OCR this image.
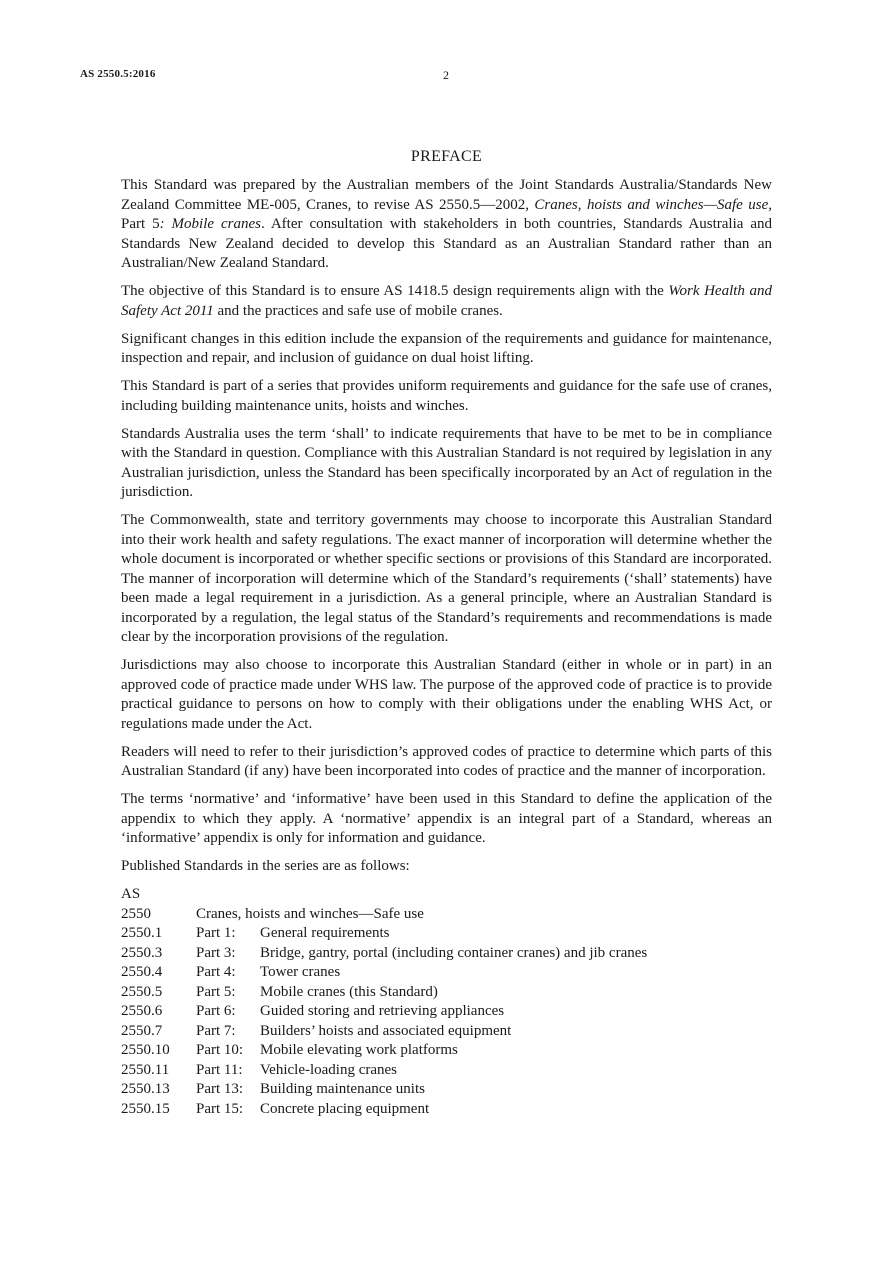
AS 2550.5:2016	2
PREFACE

This Standard was prepared by the Australian members of the Joint Standards Australia/Standards New Zealand Committee ME-005, Cranes, to revise AS 2550.5—2002, Cranes, hoists and winches—Safe use, Part 5: Mobile cranes. After consultation with stakeholders in both countries, Standards Australia and Standards New Zealand decided to develop this Standard as an Australian Standard rather than an Australian/New Zealand Standard.

The objective of this Standard is to ensure AS 1418.5 design requirements align with the Work Health and Safety Act 2011 and the practices and safe use of mobile cranes.

Significant changes in this edition include the expansion of the requirements and guidance for maintenance, inspection and repair, and inclusion of guidance on dual hoist lifting.

This Standard is part of a series that provides uniform requirements and guidance for the safe use of cranes, including building maintenance units, hoists and winches.

Standards Australia uses the term ‘shall’ to indicate requirements that have to be met to be in compliance with the Standard in question. Compliance with this Australian Standard is not required by legislation in any Australian jurisdiction, unless the Standard has been specifically incorporated by an Act of regulation in the jurisdiction.

The Commonwealth, state and territory governments may choose to incorporate this Australian Standard into their work health and safety regulations. The exact manner of incorporation will determine whether the whole document is incorporated or whether specific sections or provisions of this Standard are incorporated. The manner of incorporation will determine which of the Standard’s requirements (‘shall’ statements) have been made a legal requirement in a jurisdiction. As a general principle, where an Australian Standard is incorporated by a regulation, the legal status of the Standard’s requirements and recommendations is made clear by the incorporation provisions of the regulation.

Jurisdictions may also choose to incorporate this Australian Standard (either in whole or in part) in an approved code of practice made under WHS law. The purpose of the approved code of practice is to provide practical guidance to persons on how to comply with their obligations under the enabling WHS Act, or regulations made under the Act.

Readers will need to refer to their jurisdiction’s approved codes of practice to determine which parts of this Australian Standard (if any) have been incorporated into codes of practice and the manner of incorporation.

The terms ‘normative’ and ‘informative’ have been used in this Standard to define the application of the appendix to which they apply. A ‘normative’ appendix is an integral part of a Standard, whereas an ‘informative’ appendix is only for information and guidance.

Published Standards in the series are as follows:

AS
2550	Cranes, hoists and winches—Safe use
2550.1	Part 1:	General requirements
2550.3	Part 3:	Bridge, gantry, portal (including container cranes) and jib cranes
2550.4	Part 4:	Tower cranes
2550.5	Part 5:	Mobile cranes (this Standard)
2550.6	Part 6:	Guided storing and retrieving appliances
2550.7	Part 7:	Builders’ hoists and associated equipment
2550.10	Part 10:	Mobile elevating work platforms
2550.11	Part 11:	Vehicle-loading cranes
2550.13	Part 13:	Building maintenance units
2550.15	Part 15:	Concrete placing equipment
